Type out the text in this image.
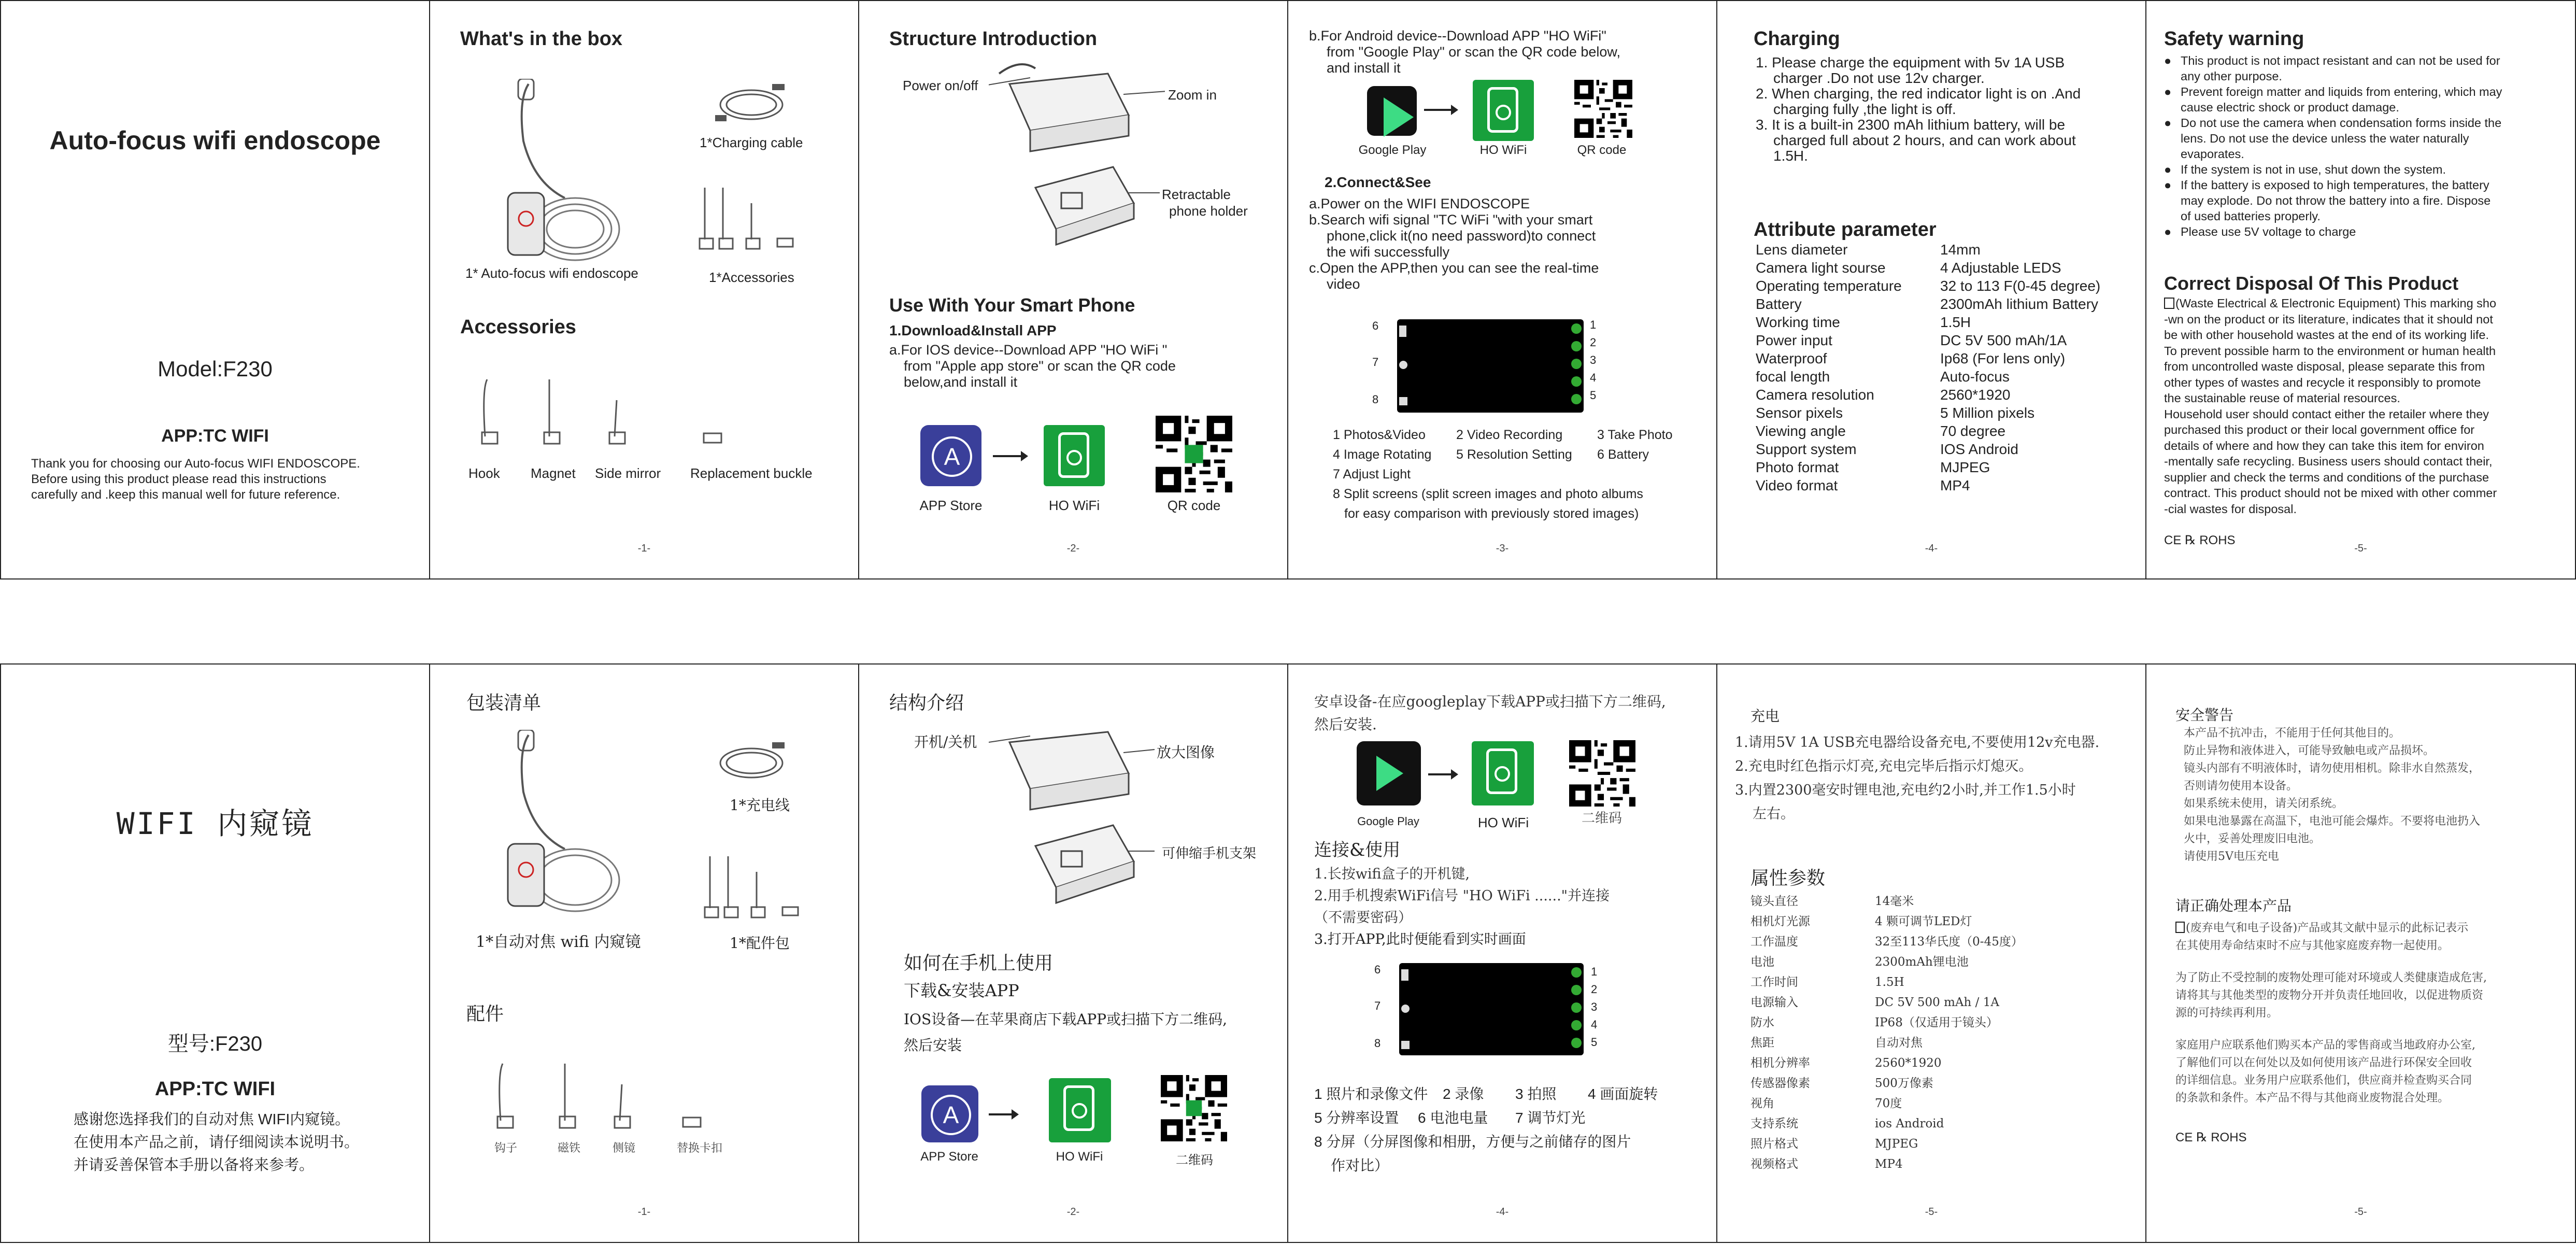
Auto-focus wifi endoscope
Model:F230
APP:TC WIFI
Thank you for choosing our Auto-focus WIFI ENDOSCOPE.
Before using this product please read this instructions
carefully and .keep this manual well for future reference.
What's in the box
1*Charging cable
1* Auto-focus wifi endoscope	1*Accessories
Accessories
Hook Magnet Side mirror Replacement buckle
-1-
Structure Introduction
Power on/off
Zoom in
Retractable
phone holder
Use With Your Smart Phone
1.Download&Install APP
a.For IOS device--Download APP "HO WiFi "
from "Apple app store" or scan the QR code
below,and install it
A
APP Store	HO WiFi	QR code
-2-
b.For Android device--Download APP "HO WiFi"
from "Google Play" or scan the QR code below,
and install it
Google Play	HO WiFi	QR code
2.Connect&See
a.Power on the WIFI ENDOSCOPE
b.Search wifi signal "TC WiFi "with your smart
phone,click it(no need password)to connect
the wifi successfully
c.Open the APP,then you can see the real-time
video
1
2
3
4
5
6
7
8
1 Photos&Video 2 Video Recording	3 Take Photo
4 Image Rotating 5 Resolution Setting 6 Battery
7 Adjust Light
8 Split screens (split screen images and photo albums
for easy comparison with previously stored images)
-3-
Charging
1. Please charge the equipment with 5v 1A USB
charger .Do not use 12v charger.
2. When charging, the red indicator light is on .And
charging fully ,the light is off.
3. It is a built-in 2300 mAh lithium battery, will be
charged full about 2 hours, and can work about
1.5H.
Attribute parameter
Lens diameter	14mm
Camera light sourse	4 Adjustable LEDS
Operating temperature	32 to 113 F(0-45 degree)
Battery	2300mAh lithium Battery
Working time	1.5H
Power input	DC 5V 500 mAh/1A
Waterproof	Ip68 (For lens only)
focal length	Auto-focus
Camera resolution	2560*1920
Sensor pixels	5 Million pixels
Viewing angle	70 degree
Support system	IOS Android
Photo format	MJPEG
Video format	MP4
-4-
Safety warning
● This product is not impact resistant and can not be used for
any other purpose.
● Prevent foreign matter and liquids from entering, which may
cause electric shock or product damage.
● Do not use the camera when condensation forms inside the
lens. Do not use the device unless the water naturally
evaporates.
● If the system is not in use, shut down the system.
● If the battery is exposed to high temperatures, the battery
may explode. Do not throw the battery into a fire. Dispose
of used batteries properly.
● Please use 5V voltage to charge
Correct Disposal Of This Product
(Waste Electrical & Electronic Equipment) This marking sho
-wn on the product or its literature, indicates that it should not
be with other household wastes at the end of its working life.
To prevent possible harm to the environment or human health
from uncontrolled waste disposal, please separate this from
other types of wastes and recycle it responsibly to promote
the sustainable reuse of material resources.
Household user should contact either the retailer where they
purchased this product or their local government office for
details of where and how they can take this item for environ
-mentally safe recycling. Business users should contact their,
supplier and check the terms and conditions of the purchase
contract. This product should not be mixed with other commer
-cial wastes for disposal.
CE ℞ ROHS
-5-
WIFI 内窥镜
型号:F230
APP:TC WIFI
感谢您选择我们的自动对焦 WIFI内窥镜。
在使用本产品之前，请仔细阅读本说明书。
并请妥善保管本手册以备将来参考。
包装清单
1*充电线
1*自动对焦 wifi 内窥镜	1*配件包
配件
钩子	磁铁	侧镜	替换卡扣
-1-
结构介绍
开机/关机
放大图像
可伸缩手机支架
如何在手机上使用
下载&安装APP
IOS设备—在苹果商店下载APP或扫描下方二维码,
然后安装
A
APP Store	HO WiFi	二维码
-2-
安卓设备-在应googleplay下载APP或扫描下方二维码,
然后安装.
Google Play	HO WiFi	二维码
连接&使用
1.长按wifi盒子的开机键,
2.用手机搜索WiFi信号 "HO WiFi ......"并连接
（不需要密码）
3.打开APP,此时便能看到实时画面
1
2
3
4
5
6
7
8
1 照片和录像文件 2 录像 3 拍照 4 画面旋转
5 分辨率设置 6 电池电量 7 调节灯光
8 分屏（分屏图像和相册，方便与之前储存的图片
作对比）
-4-
充电
1.请用5V 1A USB充电器给设备充电,不要使用12v充电器.
2.充电时红色指示灯亮,充电完毕后指示灯熄灭。
3.内置2300毫安时锂电池,充电约2小时,并工作1.5小时
左右。
属性参数
镜头直径	14毫米
相机灯光源	4 颗可调节LED灯
工作温度	32至113华氏度（0-45度）
电池	2300mAh锂电池
工作时间	1.5H
电源输入	DC 5V 500 mAh / 1A
防水	IP68（仅适用于镜头）
焦距	自动对焦
相机分辨率	2560*1920
传感器像素	500万像素
视角	70度
支持系统	ios Android
照片格式	MJPEG
视频格式	MP4
-5-
安全警告
本产品不抗冲击，不能用于任何其他目的。
防止异物和液体进入，可能导致触电或产品损坏。
镜头内部有不明液体时，请勿使用相机。除非水自然蒸发，
否则请勿使用本设备。
如果系统未使用，请关闭系统。
如果电池暴露在高温下，电池可能会爆炸。不要将电池扔入
火中，妥善处理废旧电池。
请使用5V电压充电
请正确处理本产品
(废弃电气和电子设备)产品或其文献中显示的此标记表示
在其使用寿命结束时不应与其他家庭废弃物一起使用。
为了防止不受控制的废物处理可能对环境或人类健康造成危害,
请将其与其他类型的废物分开并负责任地回收，以促进物质资
源的可持续再利用。
家庭用户应联系他们购买本产品的零售商或当地政府办公室,
了解他们可以在何处以及如何使用该产品进行环保安全回收
的详细信息。业务用户应联系他们，供应商并检查购买合同
的条款和条件。本产品不得与其他商业废物混合处理。
CE ℞ ROHS
-5-
